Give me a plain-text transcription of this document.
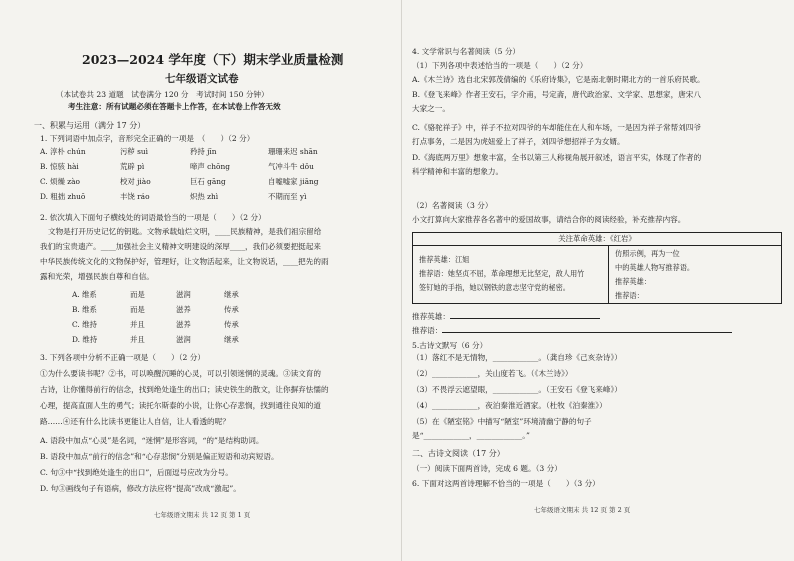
2023—2024 学年度（下）期末学业质量检测
七年级语文试卷
（本试卷共 23 道题　试卷满分 120 分　考试时间 150 分钟）
考生注意：所有试题必须在答题卡上作答，在本试卷上作答无效
一、积累与运用（满分 17 分）
1. 下列词语中加点字，音形完全正确的一项是　（　　）（2 分）
A. 淳朴 chún	污秽 suì	矜持 jīn	珊珊来迟 shān
B. 惊骇 hài	荒辟 pì	啼声 chōng	气冲斗牛 dǒu
C. 烦燥 zào	校对 jiào	巨石 gāng	自嘘嘘家 jiāng
D. 粗拙 zhuō	丰饶 ráo	炽热 zhì	不期而至 yì
2. 依次填入下面句子横线处的词语最恰当的一项是（　　）（2 分）
文物是打开历史记忆的钥匙。文物承载灿烂文明，____民族精神，是我们祖宗留给
我们的宝贵遗产。____加强社会主义精神文明建设的深厚____，我们必须要把挺起来
中华民族传统文化的文物保护好，管理好，让文物活起来，让文物说话，____把先的雨
露和光荣，增强民族自尊和自信。
A. 维系	而是	滋润	继承
B. 维系	而是	滋养	传承
C. 维持	并且	滋养	传承
D. 维持	并且	滋润	继承
3. 下列各项中分析不正确一项是（　　）（2 分）
①为什么要读书呢？②书，可以唤醒沉睡的心灵，可以引领迷惘的灵魂。③读文育的
古诗，让你懂得前行的信念，找到绝处逢生的出口；读史铁生的散文，让你摒弃怯懦的
心理，提高直面人生的勇气；读托尔斯泰的小说，让你心存悲悯，找到通往良知的道
路……④还有什么比读书更能让人自信，让人看透的呢？
A. 语段中加点“心灵”是名词，“迷惘”是形容词，“的”是结构助词。
B. 语段中加点“前行的信念”和“心存悲悯”分别是偏正短语和动宾短语。
C. 句③中“找到绝处逢生的出口”，后面逗号应改为分号。
D. 句③画线句子有语病，修改方法应将“提高”改成“激起”。
七年级语文期末 共 12 页 第 1 页
4. 文学常识与名著阅读（5 分）
（1）下列各项中表述恰当的一项是（　　）（2 分）
A.《木兰诗》选自北宋郭茂倩编的《乐府诗集》，它是南北朝时期北方的一首乐府民歌。
B.《登飞来峰》作者王安石，字介甫，号定斋，唐代政治家、文学家、思想家，唐宋八
大家之一。
C.《骆驼祥子》中，祥子不拉对四爷的车却能住在人和车场，一是因为祥子常帮刘四爷
打点事务，二是因为虎妞爱上了祥子，刘四爷想招祥子为女婿。
D.《海底两万里》想象丰富，全书以第三人称视角展开叙述，语言平实，体现了作者的
科学精神和丰富的想象力。
（2）名著阅读（3 分）
小文打算向大家推荐各名著中的爱国故事，请结合你的阅读经验，补充推荐内容。
关注革命英雄：《红岩》
推荐英雄：江姐
推荐语：她坚贞不屈，革命理想无比坚定，敌人用竹
签钉她的手指，她以钢铁的意志坚守党的秘密。
仿照示例，再为一位
中的英雄人物写推荐语。
推荐英雄：
推荐语：
推荐英雄：
推荐语：
5.古诗文默写（6 分）
（1）落红不是无情物，____________。（龚自珍《己亥杂诗》）
（2）____________，关山度若飞。（《木兰诗》）
（3）不畏浮云遮望眼，____________。（王安石《登飞来峰》）
（4）____________，夜泊秦淮近酒家。（杜牧《泊秦淮》）
（5）在《陋室铭》中描写“陋室”环境清幽宁静的句子
是“____________，____________。”
二、古诗文阅读（17 分）
（一）阅读下面两首诗，完成 6 题。（3 分）
6. 下面对这两首诗理解不恰当的一项是（　　）（3 分）
七年级语文期末 共 12 页 第 2 页
